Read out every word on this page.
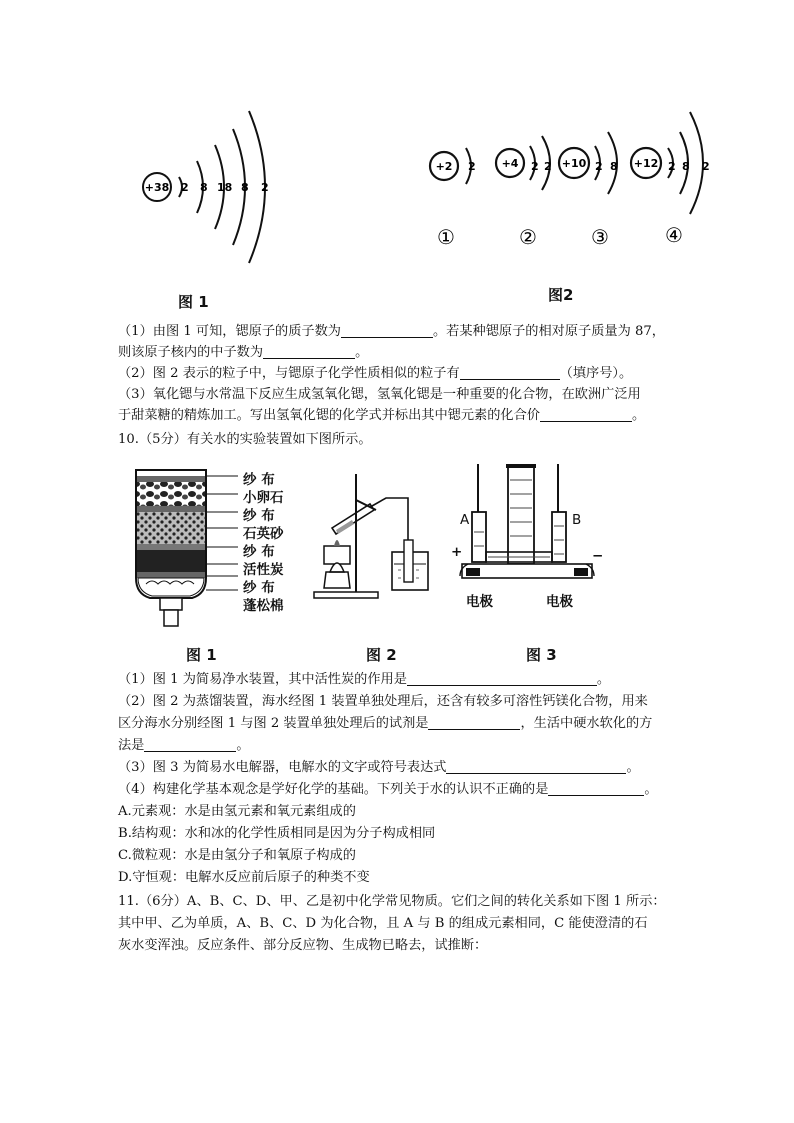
+38 2 8 18 8 2
图 1
+2 2
①
+4 2 2
②
+10 2 8
③
+12 2 8 2
④
图2
（1）由图 1 可知，锶原子的质子数为	。若某种锶原子的相对原子质量为 87，
则该原子核内的中子数为	。
（2）图 2 表示的粒子中，与锶原子化学性质相似的粒子有	（填序号）。
（3）氧化锶与水常温下反应生成氢氧化锶，氢氧化锶是一种重要的化合物，在欧洲广泛用
于甜菜糖的精炼加工。写出氢氧化锶的化学式并标出其中锶元素的化合价	。
10.（5分）有关水的实验装置如下图所示。
纱 布
小卵石
纱 布
石英砂
纱 布
活性炭
纱 布
蓬松棉
A	B
+	−
电极	电极
图 1	图 2	图 3
（1）图 1 为简易净水装置，其中活性炭的作用是	。
（2）图 2 为蒸馏装置，海水经图 1 装置单独处理后，还含有较多可溶性钙镁化合物，用来
区分海水分别经图 1 与图 2 装置单独处理后的试剂是	，生活中硬水软化的方
法是	。
（3）图 3 为简易水电解器，电解水的文字或符号表达式	。
（4）构建化学基本观念是学好化学的基础。下列关于水的认识不正确的是	。
A.元素观：水是由氢元素和氧元素组成的
B.结构观：水和冰的化学性质相同是因为分子构成相同
C.微粒观：水是由氢分子和氧原子构成的
D.守恒观：电解水反应前后原子的种类不变
11.（6分）A、B、C、D、甲、乙是初中化学常见物质。它们之间的转化关系如下图 1 所示：
其中甲、乙为单质，A、B、C、D 为化合物，且 A 与 B 的组成元素相同，C 能使澄清的石
灰水变浑浊。反应条件、部分反应物、生成物已略去，试推断：
